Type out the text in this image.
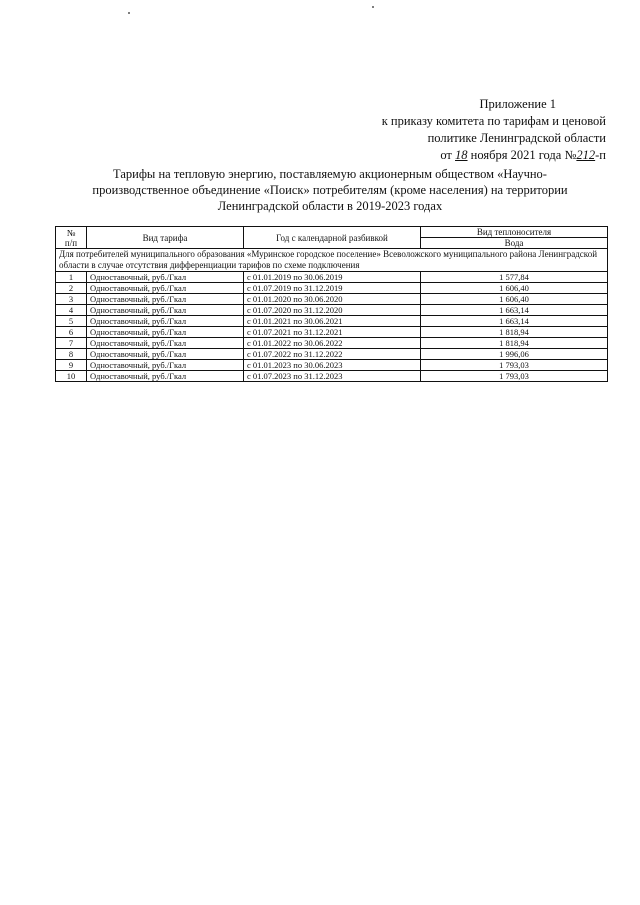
Приложение 1
к приказу комитета по тарифам и ценовой
политике Ленинградской области
от 18 ноября 2021 года №212-п
Тарифы на тепловую энергию, поставляемую акционерным обществом «Научно-
производственное объединение «Поиск» потребителям (кроме населения) на территории
Ленинградской области в 2019-2023 годах
№
п/п	Вид тарифа	Год с календарной разбивкой	Вид теплоносителя
			Вода
Для потребителей муниципального образования «Муринское городское поселение» Всеволожского муниципального района Ленинградской области в случае отсутствия дифференциации тарифов по схеме подключения			
1	Одноставочный, руб./Гкал	с 01.01.2019 по 30.06.2019	1 577,84
2	Одноставочный, руб./Гкал	с 01.07.2019 по 31.12.2019	1 606,40
3	Одноставочный, руб./Гкал	с 01.01.2020 по 30.06.2020	1 606,40
4	Одноставочный, руб./Гкал	с 01.07.2020 по 31.12.2020	1 663,14
5	Одноставочный, руб./Гкал	с 01.01.2021 по 30.06.2021	1 663,14
6	Одноставочный, руб./Гкал	с 01.07.2021 по 31.12.2021	1 818,94
7	Одноставочный, руб./Гкал	с 01.01.2022 по 30.06.2022	1 818,94
8	Одноставочный, руб./Гкал	с 01.07.2022 по 31.12.2022	1 996,06
9	Одноставочный, руб./Гкал	с 01.01.2023 по 30.06.2023	1 793,03
10	Одноставочный, руб./Гкал	с 01.07.2023 по 31.12.2023	1 793,03
